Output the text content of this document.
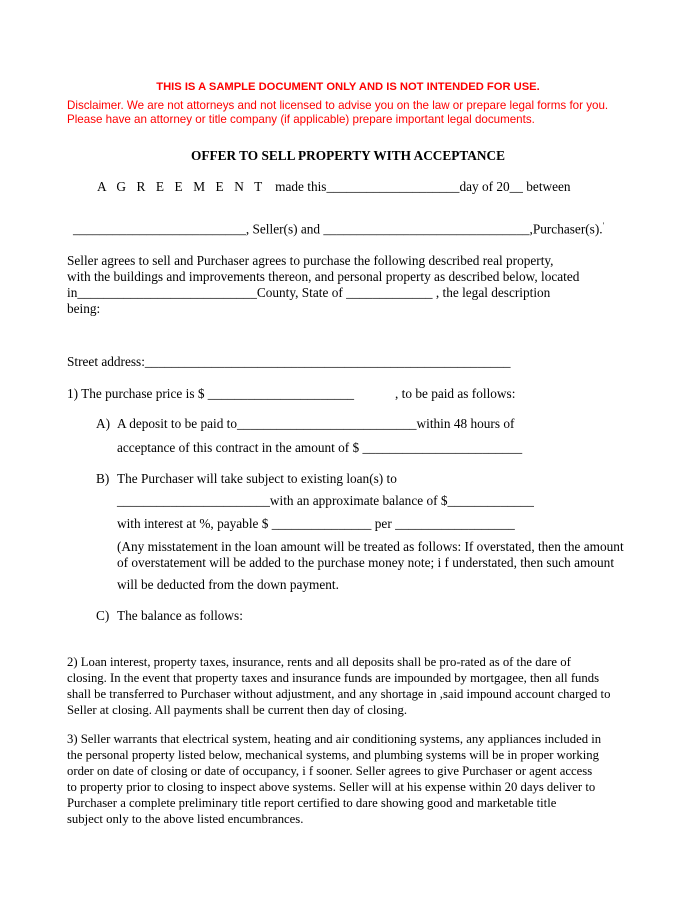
THIS IS A SAMPLE DOCUMENT ONLY AND IS NOT INTENDED FOR USE.
Disclaimer. We are not attorneys and not licensed to advise you on the law or prepare legal forms for you.
Please have an attorney or title company (if applicable) prepare important legal documents.
OFFER TO SELL PROPERTY WITH ACCEPTANCE
A G R E E M E N T made this____________________day of 20__ between
__________________________, Seller(s) and _______________________________,Purchaser(s).'
Seller agrees to sell and Purchaser agrees to purchase the following described real property,
with the buildings and improvements thereon, and personal property as described below, located
in___________________________County, State of _____________ , the legal description
being:
Street address:_______________________________________________________
1) The purchase price is $ ______________________	, to be paid as follows:
A) A deposit to be paid to___________________________within 48 hours of
acceptance of this contract in the amount of $ ________________________
B) The Purchaser will take subject to existing loan(s) to
_______________________with an approximate balance of $_____________
with interest at %, payable $ _______________ per __________________
(Any misstatement in the loan amount will be treated as follows: If overstated, then the amount
of overstatement will be added to the purchase money note; i f understated, then such amount
will be deducted from the down payment.
C) The balance as follows:
2) Loan interest, property taxes, insurance, rents and all deposits shall be pro-rated as of the dare of
closing. In the event that property taxes and insurance funds are impounded by mortgagee, then all funds
shall be transferred to Purchaser without adjustment, and any shortage in ,said impound account charged to
Seller at closing. All payments shall be current then day of closing.
3) Seller warrants that electrical system, heating and air conditioning systems, any appliances included in
the personal property listed below, mechanical systems, and plumbing systems will be in proper working
order on date of closing or date of occupancy, i f sooner. Seller agrees to give Purchaser or agent access
to property prior to closing to inspect above systems. Seller will at his expense within 20 days deliver to
Purchaser a complete preliminary title report certified to dare showing good and marketable title
subject only to the above listed encumbrances.
